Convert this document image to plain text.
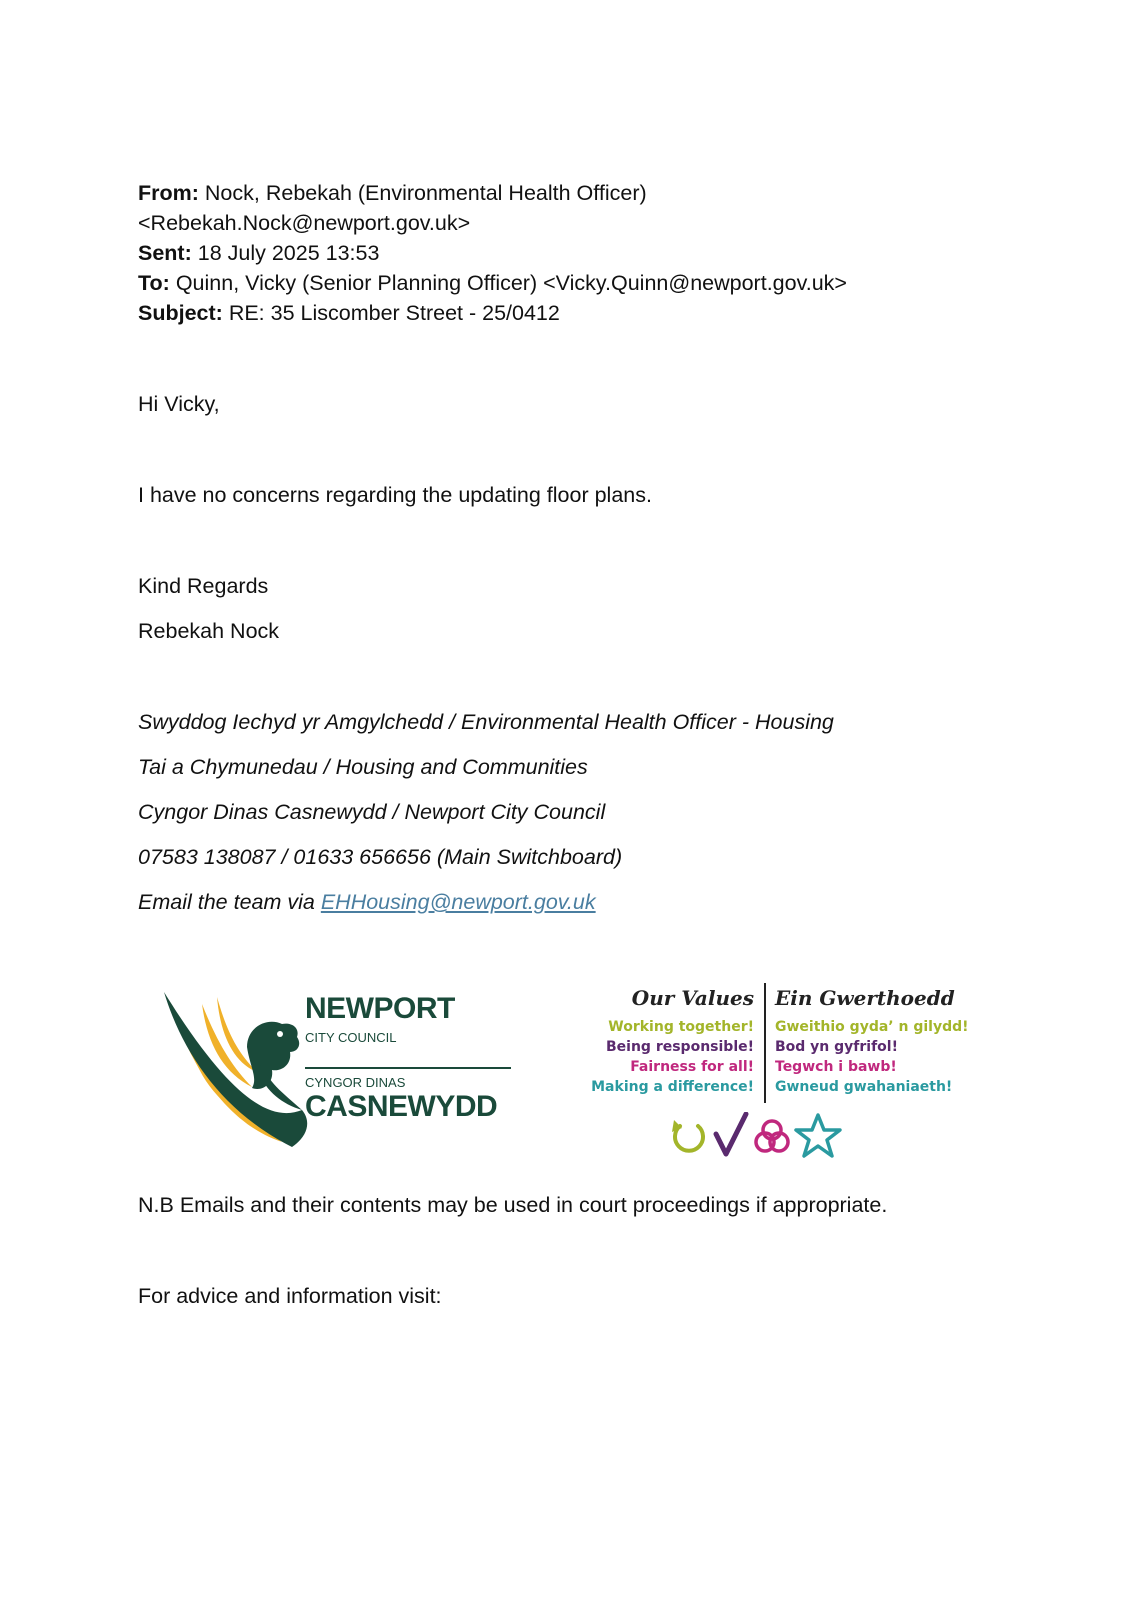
From: Nock, Rebekah (Environmental Health Officer)
<Rebekah.Nock@newport.gov.uk>
Sent: 18 July 2025 13:53
To: Quinn, Vicky (Senior Planning Officer) <Vicky.Quinn@newport.gov.uk>
Subject: RE: 35 Liscomber Street - 25/0412
Hi Vicky,
I have no concerns regarding the updating floor plans.
Kind Regards
Rebekah Nock
Swyddog Iechyd yr Amgylchedd / Environmental Health Officer - Housing
Tai a Chymunedau / Housing and Communities
Cyngor Dinas Casnewydd / Newport City Council
07583 138087 / 01633 656656 (Main Switchboard)
Email the team via EHHousing@newport.gov.uk
NEWPORT
CITY COUNCIL
CYNGOR DINAS
CASNEWYDD
Our Values Ein Gwerthoedd
Working together!
Being responsible!
Fairness for all!
Making a difference!
Gweithio gyda’ n gilydd!
Bod yn gyfrifol!
Tegwch i bawb!
Gwneud gwahaniaeth!
N.B Emails and their contents may be used in court proceedings if appropriate.
For advice and information visit:
